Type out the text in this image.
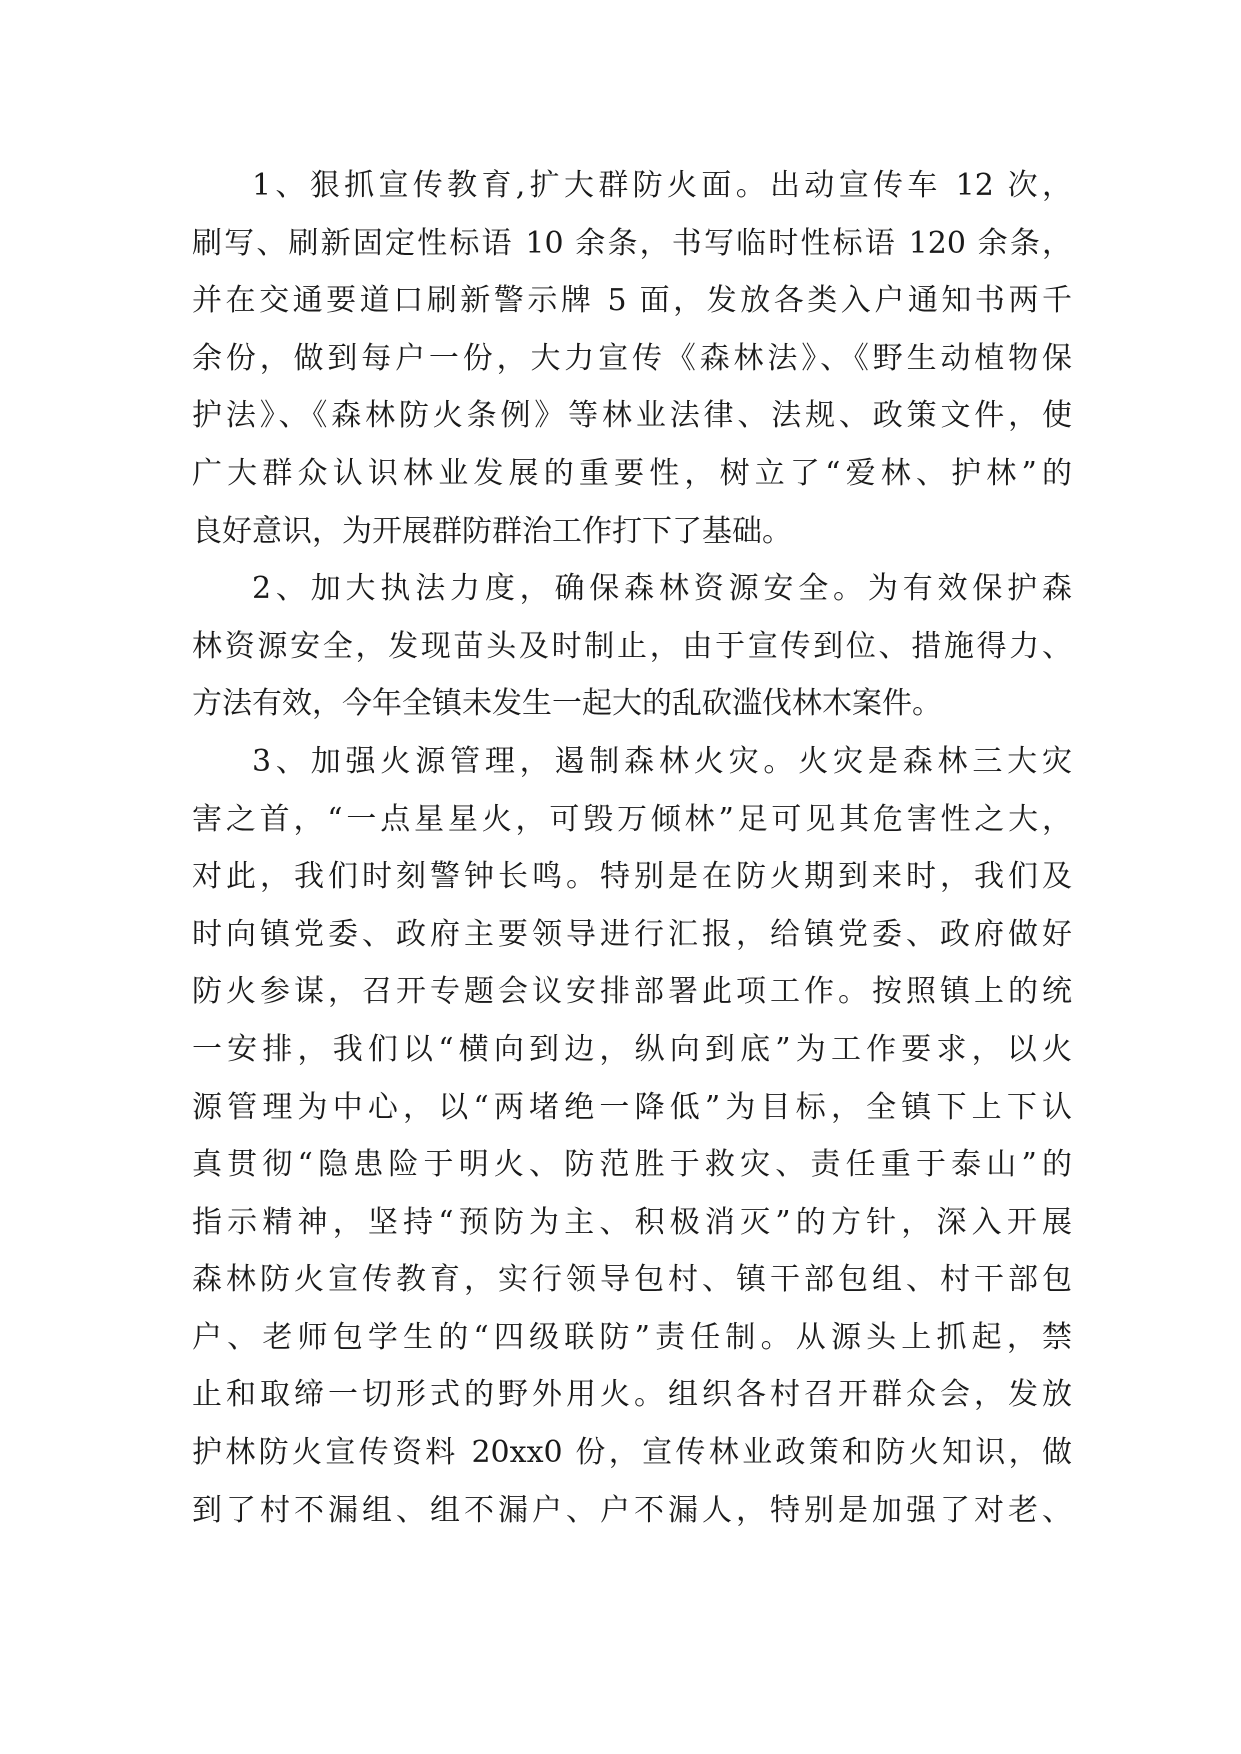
1、狠抓宣传教育,扩大群防火面。出动宣传车 12 次，
刷写、刷新固定性标语 10 余条，书写临时性标语 120 余条，
并在交通要道口刷新警示牌 5 面，发放各类入户通知书两千
余份，做到每户一份，大力宣传《森林法》、《野生动植物保
护法》、《森林防火条例》等林业法律、法规、政策文件，使
广大群众认识林业发展的重要性，树立了“爱林、护林”的
良好意识，为开展群防群治工作打下了基础。
2、加大执法力度，确保森林资源安全。为有效保护森
林资源安全，发现苗头及时制止，由于宣传到位、措施得力、
方法有效，今年全镇未发生一起大的乱砍滥伐林木案件。
3、加强火源管理，遏制森林火灾。火灾是森林三大灾
害之首，“一点星星火，可毁万倾林”足可见其危害性之大，
对此，我们时刻警钟长鸣。特别是在防火期到来时，我们及
时向镇党委、政府主要领导进行汇报，给镇党委、政府做好
防火参谋，召开专题会议安排部署此项工作。按照镇上的统
一安排，我们以“横向到边，纵向到底”为工作要求，以火
源管理为中心，以“两堵绝一降低”为目标，全镇下上下认
真贯彻“隐患险于明火、防范胜于救灾、责任重于泰山”的
指示精神，坚持“预防为主、积极消灭”的方针，深入开展
森林防火宣传教育，实行领导包村、镇干部包组、村干部包
户、老师包学生的“四级联防”责任制。从源头上抓起，禁
止和取缔一切形式的野外用火。组织各村召开群众会，发放
护林防火宣传资料 20xx0 份，宣传林业政策和防火知识，做
到了村不漏组、组不漏户、户不漏人，特别是加强了对老、
